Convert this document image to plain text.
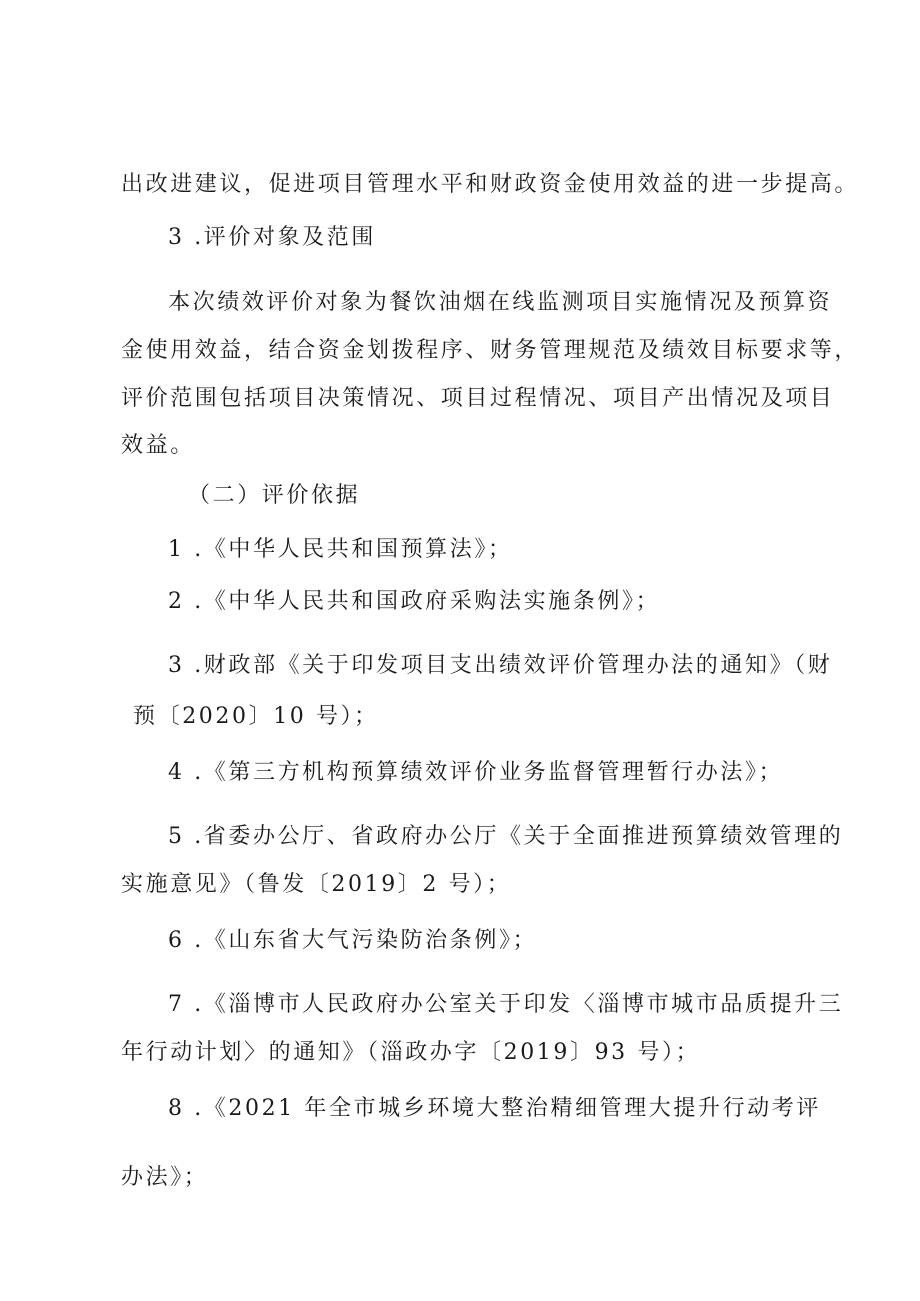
出改进建议，促进项目管理水平和财政资金使用效益的进一步提高。
3 .评价对象及范围
本次绩效评价对象为餐饮油烟在线监测项目实施情况及预算资
金使用效益，结合资金划拨程序、财务管理规范及绩效目标要求等，
评价范围包括项目决策情况、项目过程情况、项目产出情况及项目
效益。
（二）评价依据
1 .《中华人民共和国预算法》；
2 .《中华人民共和国政府采购法实施条例》；
3 .财政部《关于印发项目支出绩效评价管理办法的通知》（财
预〔2020〕10 号）；
4 .《第三方机构预算绩效评价业务监督管理暂行办法》；
5 .省委办公厅、省政府办公厅《关于全面推进预算绩效管理的
实施意见》（鲁发〔2019〕2 号）；
6 .《山东省大气污染防治条例》；
7 .《淄博市人民政府办公室关于印发〈淄博市城市品质提升三
年行动计划〉的通知》（淄政办字〔2019〕93 号）；
8 .《2021 年全市城乡环境大整治精细管理大提升行动考评
办法》；
